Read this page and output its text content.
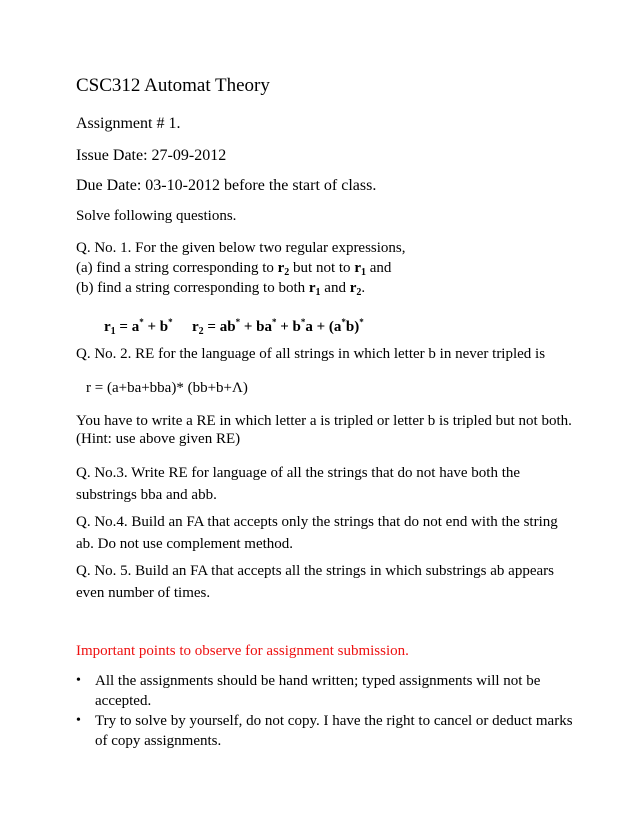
CSC312 Automat Theory
Assignment # 1.
Issue Date: 27-09-2012
Due Date: 03-10-2012 before the start of class.
Solve following questions.
Q. No. 1. For the given below two regular expressions,
(a) find a string corresponding to $r_2$ but not to $r_1$ and
(b) find a string corresponding to both $r_1$ and $r_2$.
$r_1 = a^* + b^*$ $r_2 = ab^* + ba^* + b^*a + (a^*b)^*$
Q. No. 2. RE for the language of all strings in which letter b in never tripled is
r = (a+ba+bba)* (bb+b+Λ)
You have to write a RE in which letter a is tripled or letter b is tripled but not both.
(Hint: use above given RE)
Q. No.3. Write RE for language of all the strings that do not have both the
substrings bba and abb.
Q. No.4. Build an FA that accepts only the strings that do not end with the string
ab. Do not use complement method.
Q. No. 5. Build an FA that accepts all the strings in which substrings ab appears
even number of times.
Important points to observe for assignment submission.
• All the assignments should be hand written; typed assignments will not be
accepted.
• Try to solve by yourself, do not copy. I have the right to cancel or deduct marks
of copy assignments.
